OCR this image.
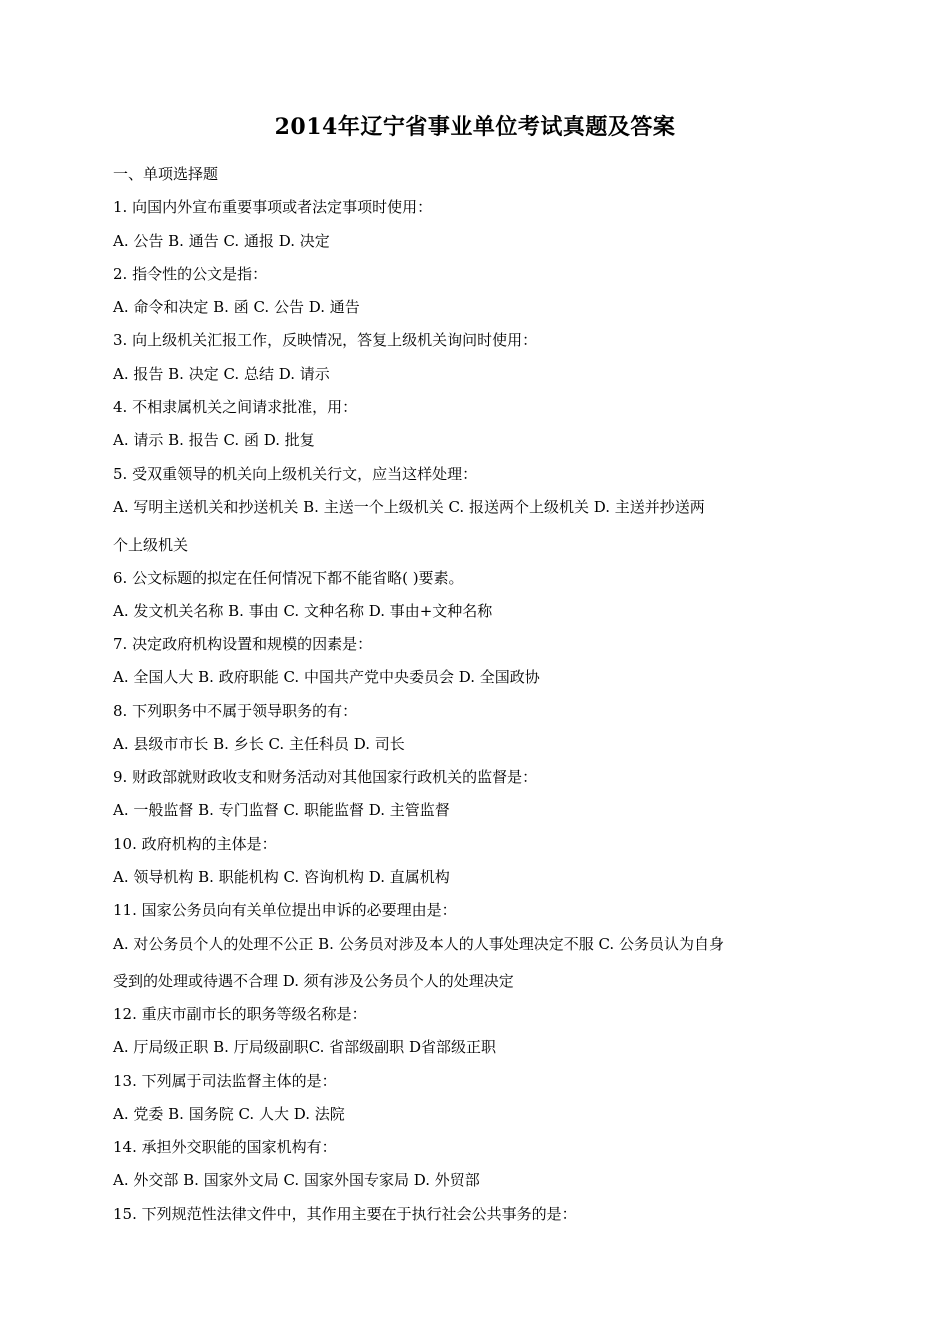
2014年辽宁省事业单位考试真题及答案
一、单项选择题
1. 向国内外宣布重要事项或者法定事项时使用：
A. 公告 B. 通告 C. 通报 D. 决定
2. 指令性的公文是指：
A. 命令和决定 B. 函 C. 公告 D. 通告
3. 向上级机关汇报工作，反映情况，答复上级机关询问时使用：
A. 报告 B. 决定 C. 总结 D. 请示
4. 不相隶属机关之间请求批准，用：
A. 请示 B. 报告 C. 函 D. 批复
5. 受双重领导的机关向上级机关行文，应当这样处理：
A. 写明主送机关和抄送机关 B. 主送一个上级机关 C. 报送两个上级机关 D. 主送并抄送两
个上级机关
6. 公文标题的拟定在任何情况下都不能省略( )要素。
A. 发文机关名称 B. 事由 C. 文种名称 D. 事由+文种名称
7. 决定政府机构设置和规模的因素是：
A. 全国人大 B. 政府职能 C. 中国共产党中央委员会 D. 全国政协
8. 下列职务中不属于领导职务的有：
A. 县级市市长 B. 乡长 C. 主任科员 D. 司长
9. 财政部就财政收支和财务活动对其他国家行政机关的监督是：
A. 一般监督 B. 专门监督 C. 职能监督 D. 主管监督
10. 政府机构的主体是：
A. 领导机构 B. 职能机构 C. 咨询机构 D. 直属机构
11. 国家公务员向有关单位提出申诉的必要理由是：
A. 对公务员个人的处理不公正 B. 公务员对涉及本人的人事处理决定不服 C. 公务员认为自身
受到的处理或待遇不合理 D. 须有涉及公务员个人的处理决定
12. 重庆市副市长的职务等级名称是：
A. 厅局级正职 B. 厅局级副职C. 省部级副职 D省部级正职
13. 下列属于司法监督主体的是：
A. 党委 B. 国务院 C. 人大 D. 法院
14. 承担外交职能的国家机构有：
A. 外交部 B. 国家外文局 C. 国家外国专家局 D. 外贸部
15. 下列规范性法律文件中，其作用主要在于执行社会公共事务的是：
